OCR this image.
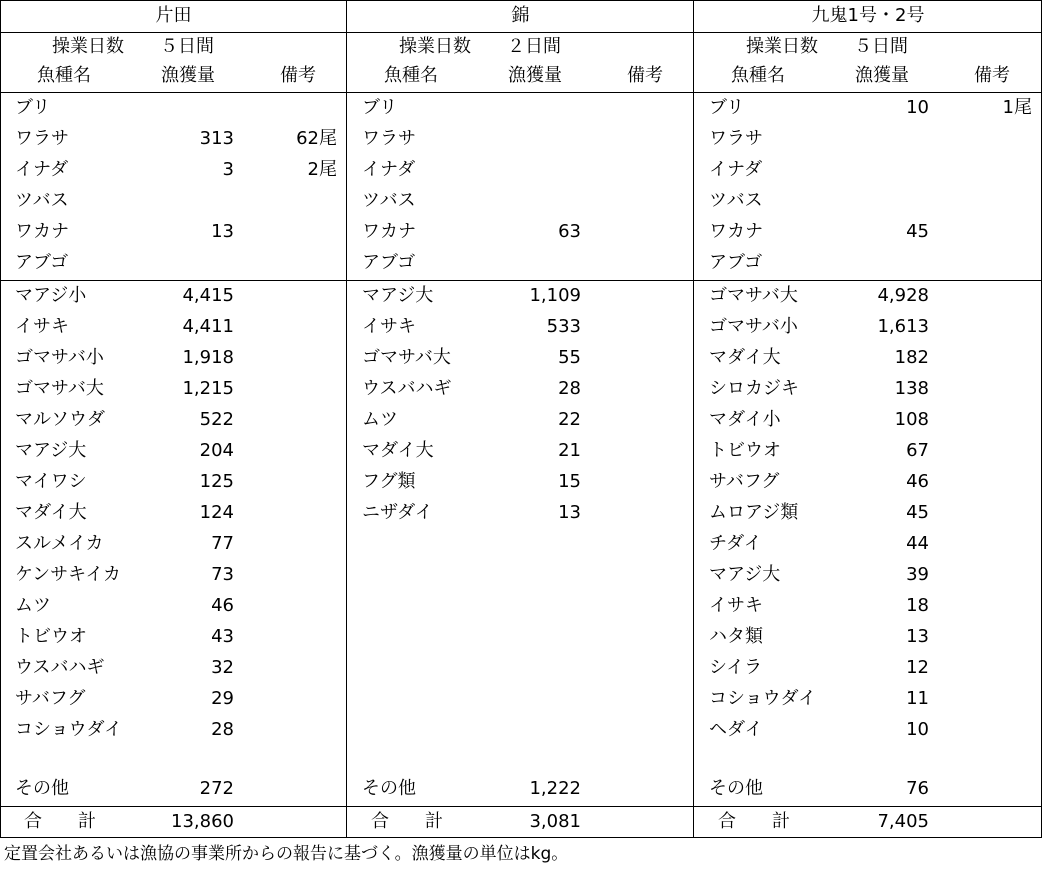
片田
操業日数 ５日間
魚種名	漁獲量	備考
ブリ
ワラサ	313	62尾
イナダ	3	2尾
ツバス
ワカナ	13
アブゴ
マアジ小	4,415
イサキ	4,411
ゴマサバ小	1,918
ゴマサバ大	1,215
マルソウダ	522
マアジ大	204
マイワシ	125
マダイ大	124
スルメイカ	77
ケンサキイカ	73
ムツ	46
トビウオ	43
ウスバハギ	32
サバフグ	29
コショウダイ	28
その他	272
合　　計	13,860
錦
操業日数 ２日間
魚種名	漁獲量	備考
ブリ
ワラサ
イナダ
ツバス
ワカナ	63
アブゴ
マアジ大	1,109
イサキ	533
ゴマサバ大	55
ウスバハギ	28
ムツ	22
マダイ大	21
フグ類	15
ニザダイ	13
その他	1,222
合　　計	3,081
九鬼1号・2号
操業日数 ５日間
魚種名	漁獲量	備考
ブリ	10	1尾
ワラサ
イナダ
ツバス
ワカナ	45
アブゴ
ゴマサバ大	4,928
ゴマサバ小	1,613
マダイ大	182
シロカジキ	138
マダイ小	108
トビウオ	67
サバフグ	46
ムロアジ類	45
チダイ	44
マアジ大	39
イサキ	18
ハタ類	13
シイラ	12
コショウダイ	11
ヘダイ	10
その他	76
合　　計	7,405
定置会社あるいは漁協の事業所からの報告に基づく。漁獲量の単位はkg。
